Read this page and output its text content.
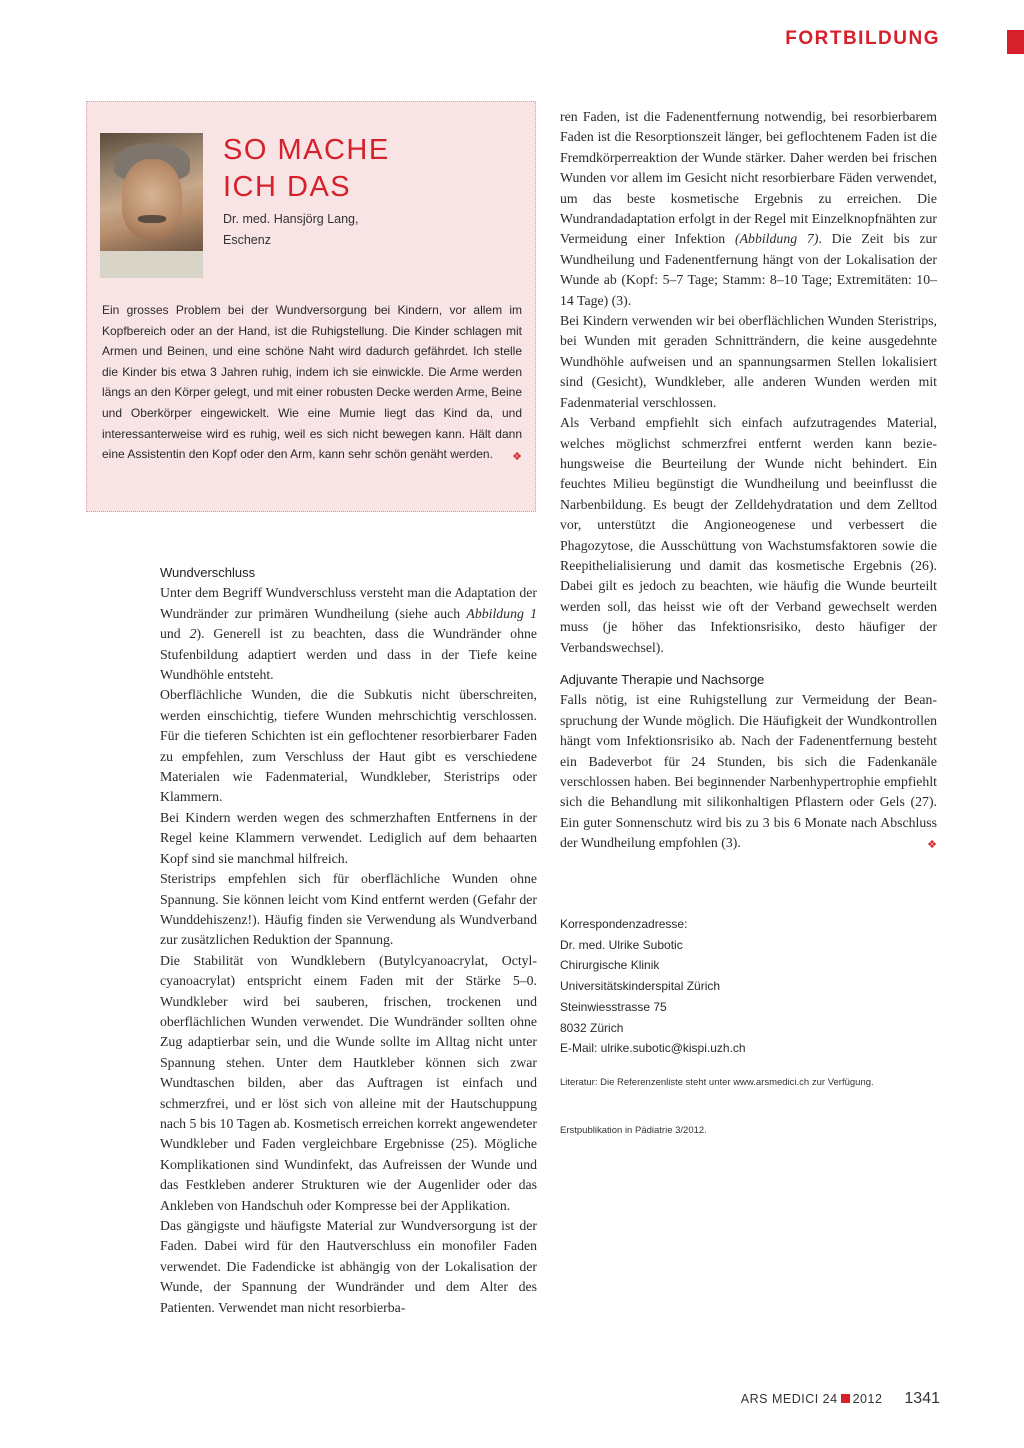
FORTBILDUNG
SO MACHE
ICH DAS
Dr. med. Hansjörg Lang,
Eschenz

Ein grosses Problem bei der Wundversorgung bei Kindern, vor allem im Kopfbereich oder an der Hand, ist die Ruhigstellung. Die Kinder schlagen mit Armen und Beinen, und eine schöne Naht wird dadurch gefährdet. Ich stelle die Kinder bis etwa 3 Jahren ruhig, indem ich sie einwickle. Die Arme werden längs an den Körper gelegt, und mit einer robusten Decke werden Arme, Beine und Oberkörper eingewickelt. Wie eine Mumie liegt das Kind da, und interessanterweise wird es ruhig, weil es sich nicht bewegen kann. Hält dann eine Assistentin den Kopf oder den Arm, kann sehr schön genäht werden. ❖

Wundverschluss

Unter dem Begriff Wundverschluss versteht man die Adaptation der Wundränder zur primären Wundheilung (siehe auch Abbildung 1 und 2). Generell ist zu beachten, dass die Wundränder ohne Stufenbildung adaptiert werden und dass in der Tiefe keine Wundhöhle entsteht.

Oberflächliche Wunden, die die Subkutis nicht überschreiten, werden einschichtig, tiefere Wunden mehrschichtig verschlossen. Für die tieferen Schichten ist ein geflochtener resorbierbarer Faden zu empfehlen, zum Verschluss der Haut gibt es verschiedene Materialen wie Fadenmaterial, Wundkleber, Steristrips oder Klammern.

Bei Kindern werden wegen des schmerzhaften Entfernens in der Regel keine Klammern verwendet. Lediglich auf dem behaarten Kopf sind sie manchmal hilfreich.

Steristrips empfehlen sich für oberflächliche Wunden ohne Spannung. Sie können leicht vom Kind entfernt werden (Gefahr der Wunddehiszenz!). Häufig finden sie Verwendung als Wundverband zur zusätzlichen Reduktion der Spannung.

Die Stabilität von Wundklebern (Butylcyanoacrylat, Octylcyanoacrylat) entspricht einem Faden mit der Stärke 5–0. Wundkleber wird bei sauberen, frischen, trockenen und oberflächlichen Wunden verwendet. Die Wundränder sollten ohne Zug adaptierbar sein, und die Wunde sollte im Alltag nicht unter Spannung stehen. Unter dem Hautkleber können sich zwar Wundtaschen bilden, aber das Auftragen ist einfach und schmerzfrei, und er löst sich von alleine mit der Hautschuppung nach 5 bis 10 Tagen ab. Kosmetisch erreichen korrekt angewendeter Wundkleber und Faden vergleichbare Ergebnisse (25). Mögliche Komplikationen sind Wundinfekt, das Aufreissen der Wunde und das Festkleben anderer Strukturen wie der Augenlider oder das Ankleben von Handschuh oder Kompresse bei der Applikation.

Das gängigste und häufigste Material zur Wundversorgung ist der Faden. Dabei wird für den Hautverschluss ein monofiler Faden verwendet. Die Fadendicke ist abhängig von der Lokalisation der Wunde, der Spannung der Wundränder und dem Alter des Patienten. Verwendet man nicht resorbierba-

ren Faden, ist die Fadenentfernung notwendig, bei resorbierbarem Faden ist die Resorptionszeit länger, bei geflochtenem Faden ist die Fremdkörperreaktion der Wunde stärker. Daher werden bei frischen Wunden vor allem im Gesicht nicht resorbierbare Fäden verwendet, um das beste kosmetische Ergebnis zu erreichen. Die Wundrandadaptation erfolgt in der Regel mit Einzelknopfnähten zur Vermeidung einer Infektion (Abbildung 7). Die Zeit bis zur Wundheilung und Fadenentfernung hängt von der Lokalisation der Wunde ab (Kopf: 5–7 Tage; Stamm: 8–10 Tage; Extremitäten: 10–14 Tage) (3).

Bei Kindern verwenden wir bei oberflächlichen Wunden Steristrips, bei Wunden mit geraden Schnitträndern, die keine ausgedehnte Wundhöhle aufweisen und an spannungsarmen Stellen lokalisiert sind (Gesicht), Wundkleber, alle anderen Wunden werden mit Fadenmaterial verschlossen.

Als Verband empfiehlt sich einfach aufzutragendes Material, welches möglichst schmerzfrei entfernt werden kann beziehungsweise die Beurteilung der Wunde nicht behindert. Ein feuchtes Milieu begünstigt die Wundheilung und beeinflusst die Narbenbildung. Es beugt der Zelldehydratation und dem Zelltod vor, unterstützt die Angioneogenese und verbessert die Phagozytose, die Ausschüttung von Wachstumsfaktoren sowie die Reepithelialisierung und damit das kosmetische Ergebnis (26). Dabei gilt es jedoch zu beachten, wie häufig die Wunde beurteilt werden soll, das heisst wie oft der Verband gewechselt werden muss (je höher das Infektionsrisiko, desto häufiger der Verbandswechsel).

Adjuvante Therapie und Nachsorge

Falls nötig, ist eine Ruhigstellung zur Vermeidung der Beanspruchung der Wunde möglich. Die Häufigkeit der Wundkontrollen hängt vom Infektionsrisiko ab. Nach der Fadenentfernung besteht ein Badeverbot für 24 Stunden, bis sich die Fadenkanäle verschlossen haben. Bei beginnender Narbenhypertrophie empfiehlt sich die Behandlung mit silikonhaltigen Pflastern oder Gels (27). Ein guter Sonnenschutz wird bis zu 3 bis 6 Monate nach Abschluss der Wundheilung empfohlen (3).	❖

Korrespondenzadresse:
Dr. med. Ulrike Subotic
Chirurgische Klinik
Universitätskinderspital Zürich
Steinwiesstrasse 75
8032 Zürich
E-Mail: ulrike.subotic@kispi.uzh.ch
Literatur: Die Referenzenliste steht unter www.arsmedici.ch zur Verfügung.
Erstpublikation in Pädiatrie 3/2012.
ARS MEDICI 24 2012 1341
